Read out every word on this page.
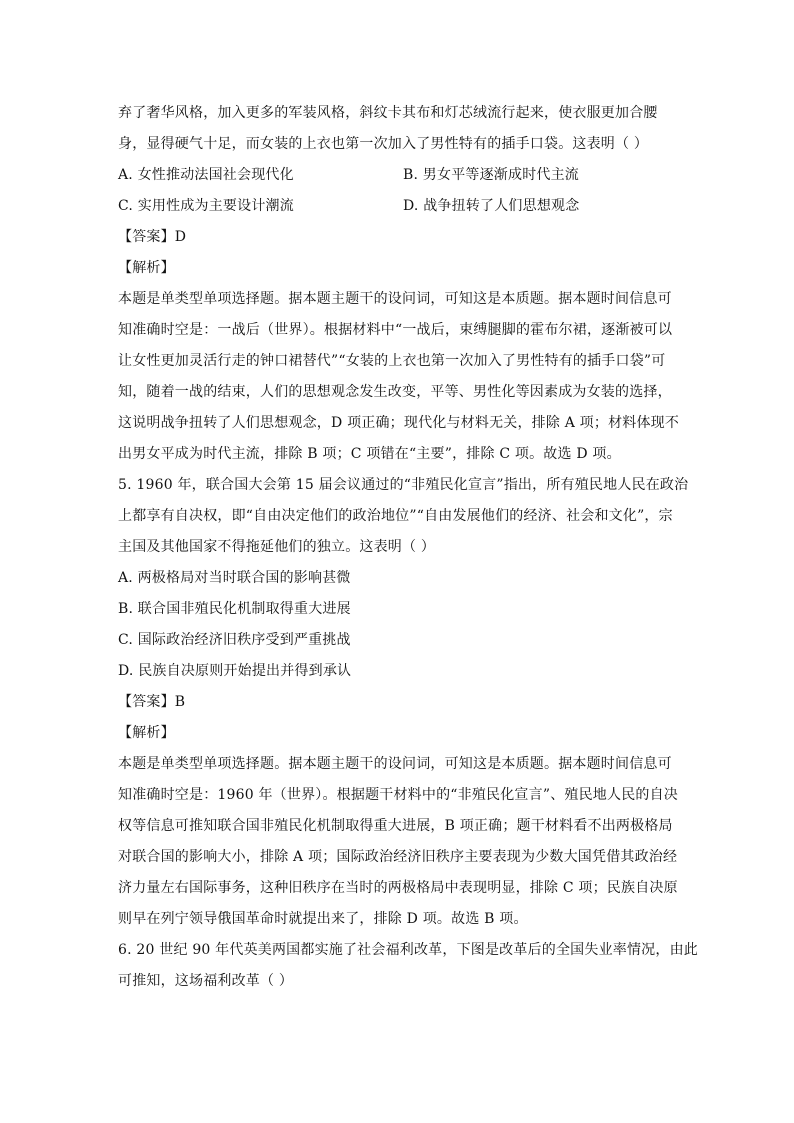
弃了奢华风格，加入更多的军装风格，斜纹卡其布和灯芯绒流行起来，使衣服更加合腰
身，显得硬气十足，而女装的上衣也第一次加入了男性特有的插手口袋。这表明（ ）
A. 女性推动法国社会现代化	B. 男女平等逐渐成时代主流
C. 实用性成为主要设计潮流	D. 战争扭转了人们思想观念
【答案】D
【解析】
本题是单类型单项选择题。据本题主题干的设问词，可知这是本质题。据本题时间信息可
知准确时空是：一战后（世界）。根据材料中“一战后，束缚腿脚的霍布尔裙，逐渐被可以
让女性更加灵活行走的钟口裙替代”“女装的上衣也第一次加入了男性特有的插手口袋”可
知，随着一战的结束，人们的思想观念发生改变，平等、男性化等因素成为女装的选择，
这说明战争扭转了人们思想观念，D 项正确；现代化与材料无关，排除 A 项；材料体现不
出男女平成为时代主流，排除 B 项；C 项错在“主要”，排除 C 项。故选 D 项。
5. 1960 年，联合国大会第 15 届会议通过的“非殖民化宣言”指出，所有殖民地人民在政治
上都享有自决权，即“自由决定他们的政治地位”“自由发展他们的经济、社会和文化”，宗
主国及其他国家不得拖延他们的独立。这表明（ ）
A. 两极格局对当时联合国的影响甚微
B. 联合国非殖民化机制取得重大进展
C. 国际政治经济旧秩序受到严重挑战
D. 民族自决原则开始提出并得到承认
【答案】B
【解析】
本题是单类型单项选择题。据本题主题干的设问词，可知这是本质题。据本题时间信息可
知准确时空是：1960 年（世界）。根据题干材料中的“非殖民化宣言”、殖民地人民的自决
权等信息可推知联合国非殖民化机制取得重大进展，B 项正确；题干材料看不出两极格局
对联合国的影响大小，排除 A 项；国际政治经济旧秩序主要表现为少数大国凭借其政治经
济力量左右国际事务，这种旧秩序在当时的两极格局中表现明显，排除 C 项；民族自决原
则早在列宁领导俄国革命时就提出来了，排除 D 项。故选 B 项。
6. 20 世纪 90 年代英美两国都实施了社会福利改革，下图是改革后的全国失业率情况，由此
可推知，这场福利改革（ ）
